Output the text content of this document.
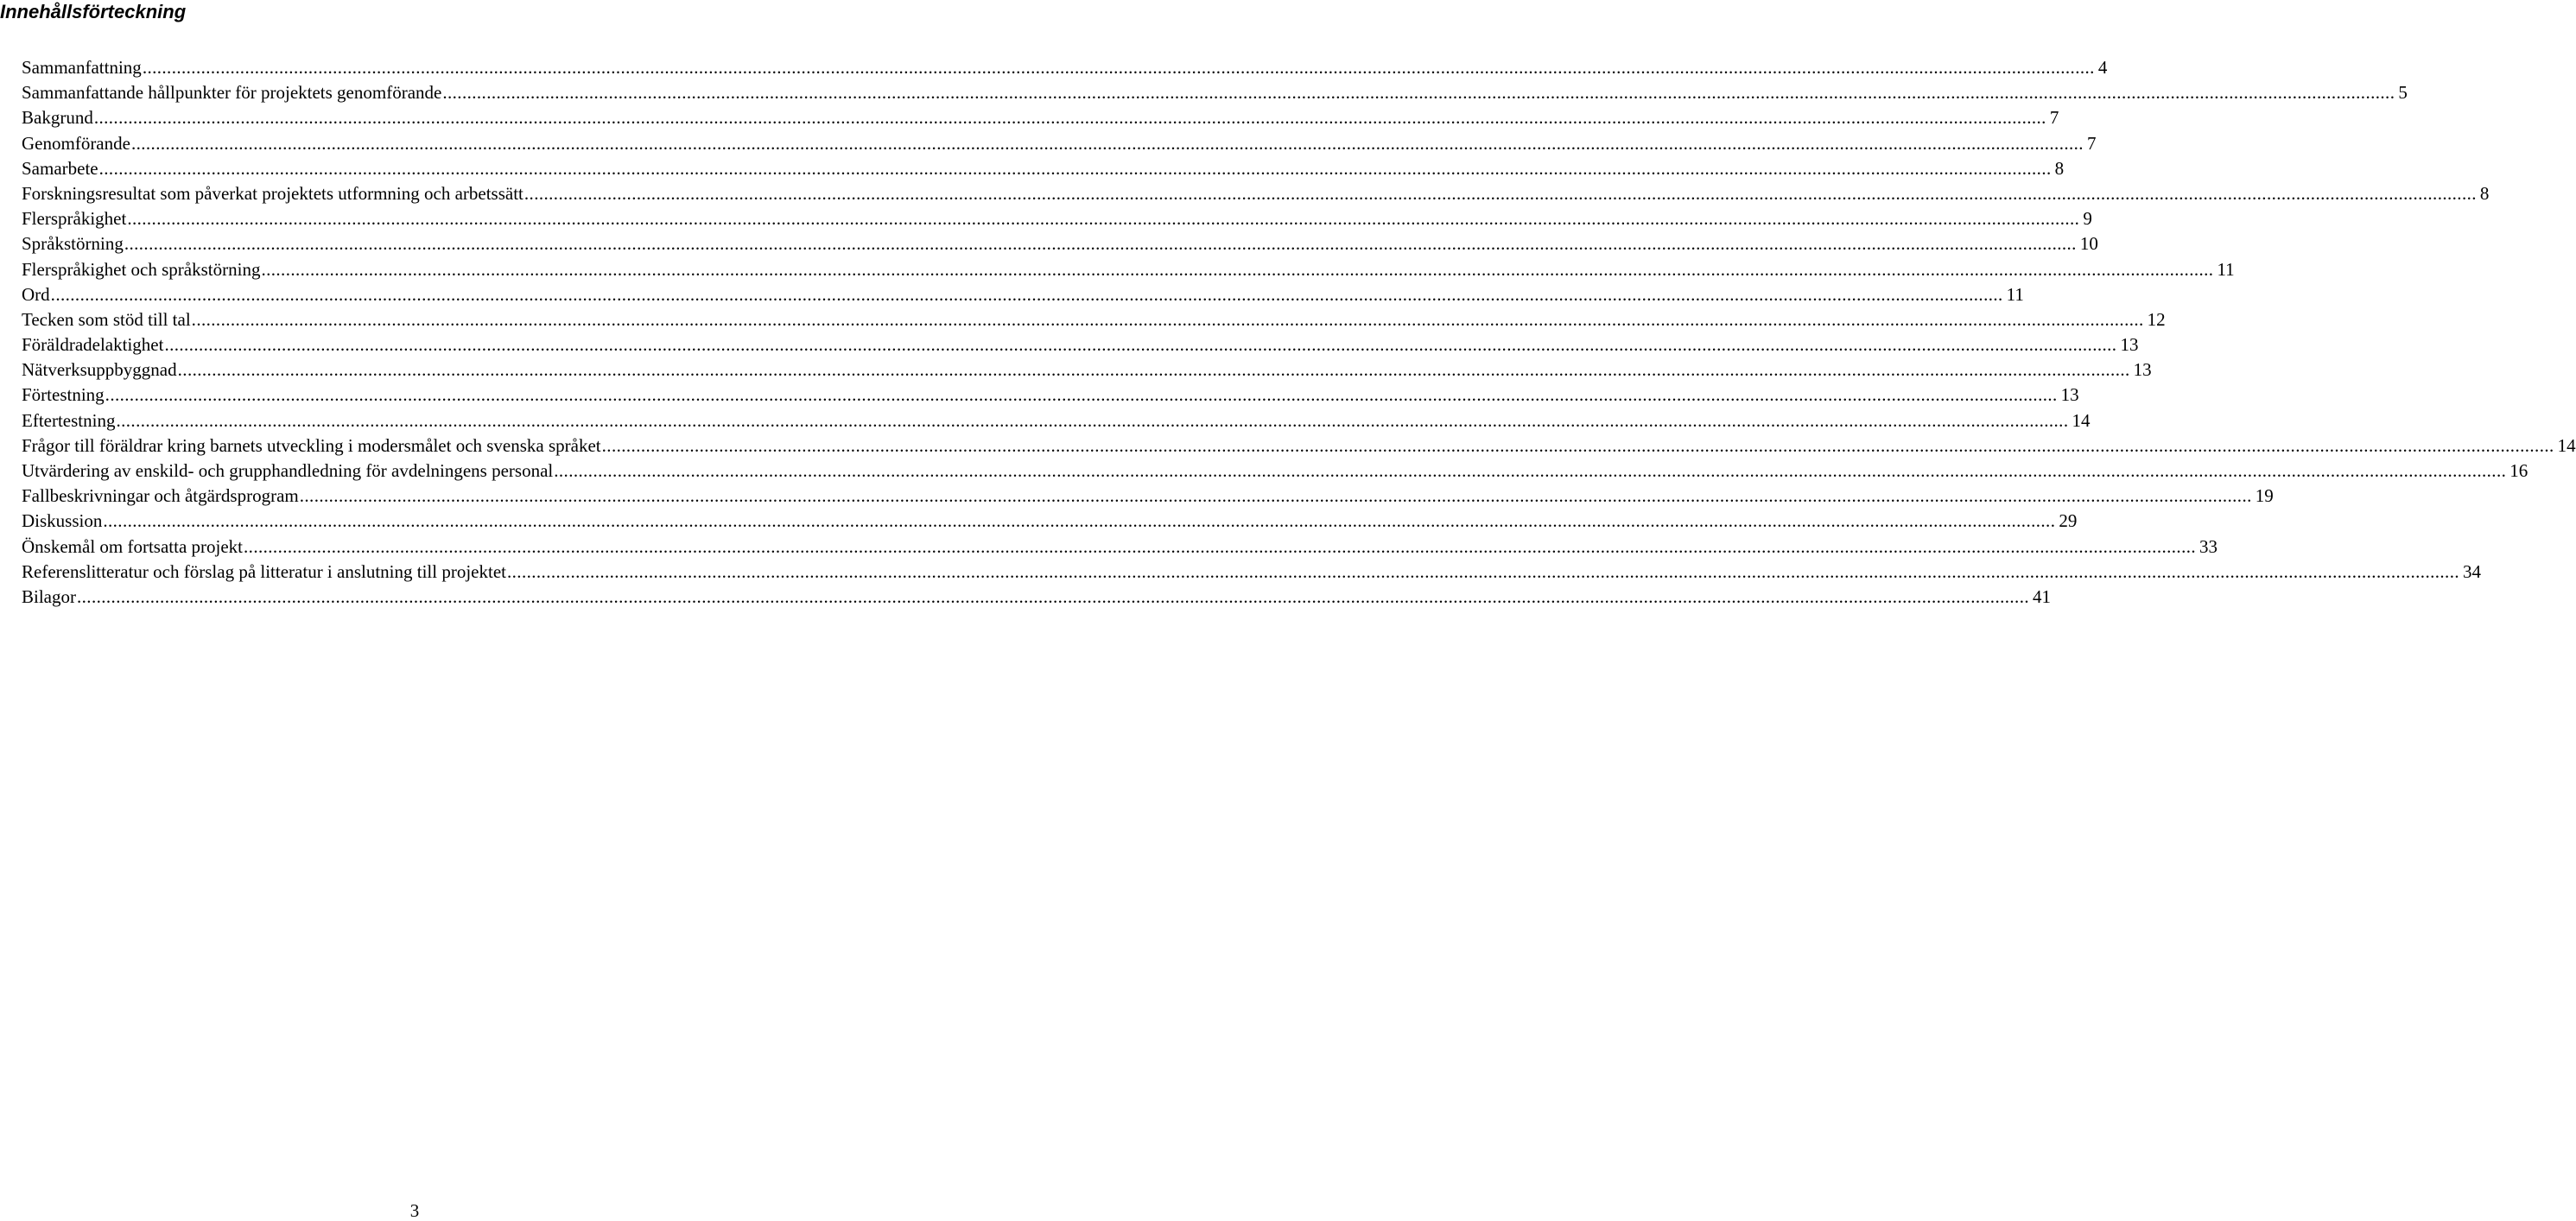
Innehållsförteckning
Sammanfattning ................................................................................................................................................................................................................................................................................................................................................................................................................ 4
Sammanfattande hållpunkter för projektets genomförande ................................................................................................................................................................................................................................................................................................................................................................................................................ 5
Bakgrund ................................................................................................................................................................................................................................................................................................................................................................................................................ 7
Genomförande ................................................................................................................................................................................................................................................................................................................................................................................................................ 7
Samarbete ................................................................................................................................................................................................................................................................................................................................................................................................................ 8
Forskningsresultat som påverkat projektets utformning och arbetssätt ................................................................................................................................................................................................................................................................................................................................................................................................................ 8
Flerspråkighet ................................................................................................................................................................................................................................................................................................................................................................................................................ 9
Språkstörning ................................................................................................................................................................................................................................................................................................................................................................................................................ 10
Flerspråkighet och språkstörning ................................................................................................................................................................................................................................................................................................................................................................................................................ 11
Ord ................................................................................................................................................................................................................................................................................................................................................................................................................ 11
Tecken som stöd till tal ................................................................................................................................................................................................................................................................................................................................................................................................................ 12
Föräldradelaktighet ................................................................................................................................................................................................................................................................................................................................................................................................................ 13
Nätverksuppbyggnad ................................................................................................................................................................................................................................................................................................................................................................................................................ 13
Förtestning ................................................................................................................................................................................................................................................................................................................................................................................................................ 13
Eftertestning ................................................................................................................................................................................................................................................................................................................................................................................................................ 14
Frågor till föräldrar kring barnets utveckling i modersmålet och svenska språket ................................................................................................................................................................................................................................................................................................................................................................................................................ 14
Utvärdering av enskild- och grupphandledning för avdelningens personal ................................................................................................................................................................................................................................................................................................................................................................................................................ 16
Fallbeskrivningar och åtgärdsprogram ................................................................................................................................................................................................................................................................................................................................................................................................................ 19
Diskussion ................................................................................................................................................................................................................................................................................................................................................................................................................ 29
Önskemål om fortsatta projekt ................................................................................................................................................................................................................................................................................................................................................................................................................ 33
Referenslitteratur och förslag på litteratur i anslutning till projektet ................................................................................................................................................................................................................................................................................................................................................................................................................ 34
Bilagor ................................................................................................................................................................................................................................................................................................................................................................................................................ 41
3
